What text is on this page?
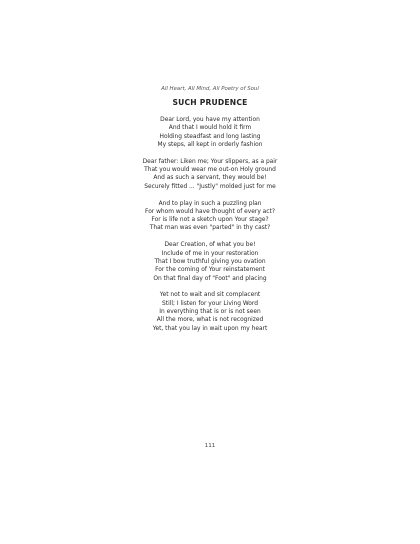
All Heart, All Mind, All Poetry of Soul
SUCH PRUDENCE
Dear Lord, you have my attention
And that I would hold it firm
Holding steadfast and long lasting
My steps, all kept in orderly fashion
Dear father: Liken me; Your slippers, as a pair
That you would wear me out-on Holy ground
And as such a servant, they would be!
Securely fitted ... "Justly" molded just for me
And to play in such a puzzling plan
For whom would have thought of every act?
For is life not a sketch upon Your stage?
That man was even "parted" in thy cast?
Dear Creation, of what you be!
Include of me in your restoration
That I bow truthful giving you ovation
For the coming of Your reinstatement
On that final day of "Foot" and placing
Yet not to wait and sit complacent
Still; I listen for your Living Word
In everything that is or is not seen
All the more, what is not recognized
Yet, that you lay in wait upon my heart
111
